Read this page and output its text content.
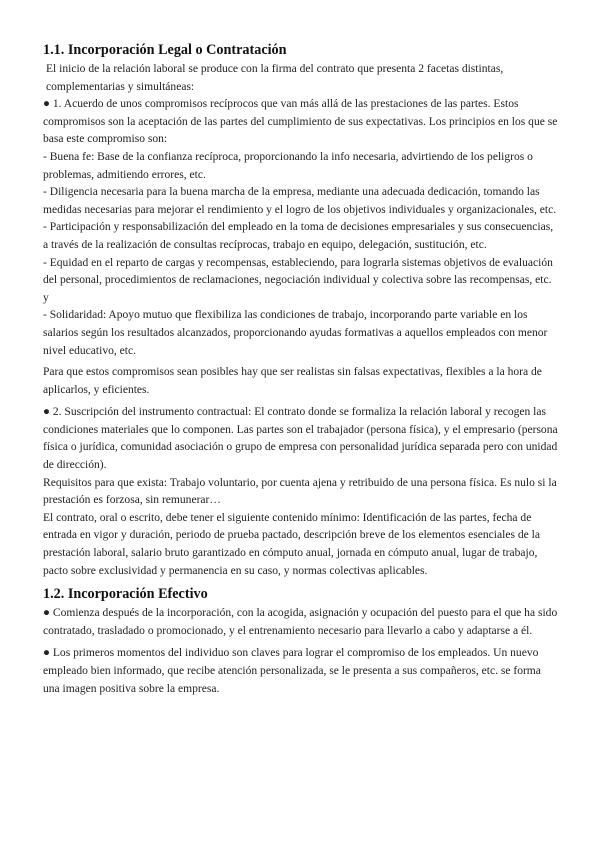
1.1. Incorporación Legal o Contratación

El inicio de la relación laboral se produce con la firma del contrato que presenta 2 facetas distintas, complementarias y simultáneas:

● 1. Acuerdo de unos compromisos recíprocos que van más allá de las prestaciones de las partes. Estos compromisos son la aceptación de las partes del cumplimiento de sus expectativas. Los principios en los que se basa este compromiso son:

- Buena fe: Base de la confianza recíproca, proporcionando la info necesaria, advirtiendo de los peligros o problemas, admitiendo errores, etc.

- Diligencia necesaria para la buena marcha de la empresa, mediante una adecuada dedicación, tomando las medidas necesarias para mejorar el rendimiento y el logro de los objetivos individuales y organizacionales, etc.

- Participación y responsabilización del empleado en la toma de decisiones empresariales y sus consecuencias, a través de la realización de consultas recíprocas, trabajo en equipo, delegación, sustitución, etc.

- Equidad en el reparto de cargas y recompensas, estableciendo, para lograrla sistemas objetivos de evaluación del personal, procedimientos de reclamaciones, negociación individual y colectiva sobre las recompensas, etc. y

- Solidaridad: Apoyo mutuo que flexibiliza las condiciones de trabajo, incorporando parte variable en los salarios según los resultados alcanzados, proporcionando ayudas formativas a aquellos empleados con menor nivel educativo, etc.

Para que estos compromisos sean posibles hay que ser realistas sin falsas expectativas, flexibles a la hora de aplicarlos, y eficientes.

● 2. Suscripción del instrumento contractual: El contrato donde se formaliza la relación laboral y recogen las condiciones materiales que lo componen. Las partes son el trabajador (persona física), y el empresario (persona física o jurídica, comunidad asociación o grupo de empresa con personalidad jurídica separada pero con unidad de dirección).

Requisitos para que exista: Trabajo voluntario, por cuenta ajena y retribuido de una persona física. Es nulo si la prestación es forzosa, sin remunerar…

El contrato, oral o escrito, debe tener el siguiente contenido mínimo: Identificación de las partes, fecha de entrada en vigor y duración, periodo de prueba pactado, descripción breve de los elementos esenciales de la prestación laboral, salario bruto garantizado en cómputo anual, jornada en cómputo anual, lugar de trabajo, pacto sobre exclusividad y permanencia en su caso, y normas colectivas aplicables.

1.2. Incorporación Efectivo

● Comienza después de la incorporación, con la acogida, asignación y ocupación del puesto para el que ha sido contratado, trasladado o promocionado, y el entrenamiento necesario para llevarlo a cabo y adaptarse a él.

● Los primeros momentos del individuo son claves para lograr el compromiso de los empleados. Un nuevo empleado bien informado, que recibe atención personalizada, se le presenta a sus compañeros, etc. se forma una imagen positiva sobre la empresa.
